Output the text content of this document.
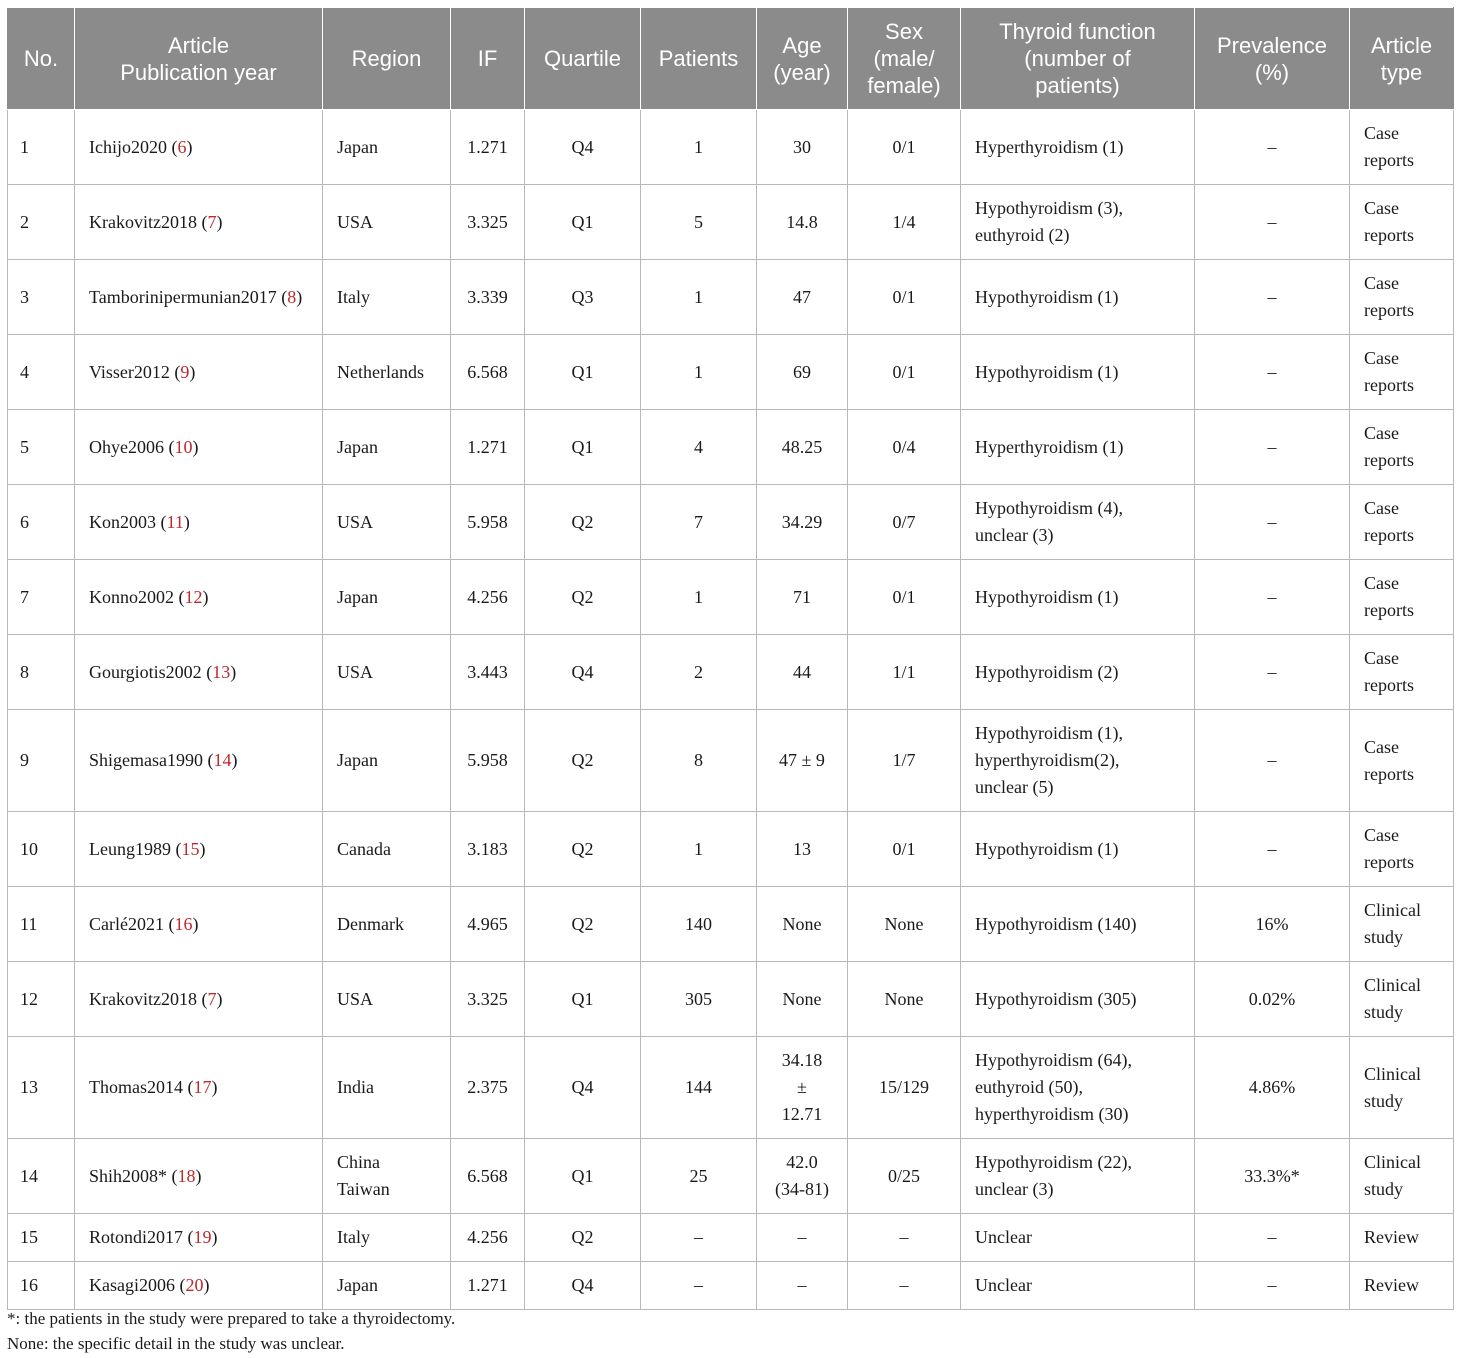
No.	Article
Publication year	Region	IF	Quartile	Patients	Age
(year)	Sex
(male/
female)	Thyroid function
(number of
patients)	Prevalence
(%)	Article
type
1	Ichijo2020 (6)	Japan	1.271	Q4	1	30	0/1	Hyperthyroidism (1)	–	Case
reports
2	Krakovitz2018 (7)	USA	3.325	Q1	5	14.8	1/4	Hypothyroidism (3),
euthyroid (2)	–	Case
reports
3	Tamborinipermunian2017 (8)	Italy	3.339	Q3	1	47	0/1	Hypothyroidism (1)	–	Case
reports
4	Visser2012 (9)	Netherlands	6.568	Q1	1	69	0/1	Hypothyroidism (1)	–	Case
reports
5	Ohye2006 (10)	Japan	1.271	Q1	4	48.25	0/4	Hyperthyroidism (1)	–	Case
reports
6	Kon2003 (11)	USA	5.958	Q2	7	34.29	0/7	Hypothyroidism (4),
unclear (3)	–	Case
reports
7	Konno2002 (12)	Japan	4.256	Q2	1	71	0/1	Hypothyroidism (1)	–	Case
reports
8	Gourgiotis2002 (13)	USA	3.443	Q4	2	44	1/1	Hypothyroidism (2)	–	Case
reports
9	Shigemasa1990 (14)	Japan	5.958	Q2	8	47 ± 9	1/7	Hypothyroidism (1),
hyperthyroidism(2),
unclear (5)	–	Case
reports
10	Leung1989 (15)	Canada	3.183	Q2	1	13	0/1	Hypothyroidism (1)	–	Case
reports
11	Carlé2021 (16)	Denmark	4.965	Q2	140	None	None	Hypothyroidism (140)	16%	Clinical
study
12	Krakovitz2018 (7)	USA	3.325	Q1	305	None	None	Hypothyroidism (305)	0.02%	Clinical
study
13	Thomas2014 (17)	India	2.375	Q4	144	34.18
±
12.71	15/129	Hypothyroidism (64),
euthyroid (50),
hyperthyroidism (30)	4.86%	Clinical
study
14	Shih2008* (18)	China
Taiwan	6.568	Q1	25	42.0
(34-81)	0/25	Hypothyroidism (22),
unclear (3)	33.3%*	Clinical
study
15	Rotondi2017 (19)	Italy	4.256	Q2	–	–	–	Unclear	–	Review
16	Kasagi2006 (20)	Japan	1.271	Q4	–	–	–	Unclear	–	Review
*: the patients in the study were prepared to take a thyroidectomy.
None: the specific detail in the study was unclear.
